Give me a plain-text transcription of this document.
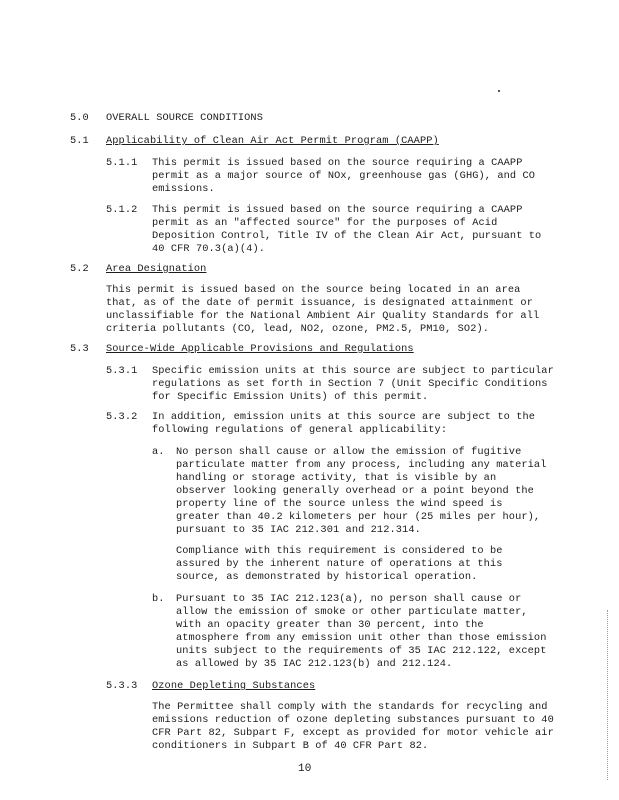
5.0 OVERALL SOURCE CONDITIONS
5.1 Applicability of Clean Air Act Permit Program (CAAPP)
5.1.1 This permit is issued based on the source requiring a CAAPP
permit as a major source of NOx, greenhouse gas (GHG), and CO
emissions.
5.1.2 This permit is issued based on the source requiring a CAAPP
permit as an "affected source" for the purposes of Acid
Deposition Control, Title IV of the Clean Air Act, pursuant to
40 CFR 70.3(a)(4).
5.2 Area Designation
This permit is issued based on the source being located in an area
that, as of the date of permit issuance, is designated attainment or
unclassifiable for the National Ambient Air Quality Standards for all
criteria pollutants (CO, lead, NO2, ozone, PM2.5, PM10, SO2).
5.3 Source-Wide Applicable Provisions and Regulations
5.3.1 Specific emission units at this source are subject to particular
regulations as set forth in Section 7 (Unit Specific Conditions
for Specific Emission Units) of this permit.
5.3.2 In addition, emission units at this source are subject to the
following regulations of general applicability:
a. No person shall cause or allow the emission of fugitive
particulate matter from any process, including any material
handling or storage activity, that is visible by an
observer looking generally overhead or a point beyond the
property line of the source unless the wind speed is
greater than 40.2 kilometers per hour (25 miles per hour),
pursuant to 35 IAC 212.301 and 212.314.
Compliance with this requirement is considered to be
assured by the inherent nature of operations at this
source, as demonstrated by historical operation.
b. Pursuant to 35 IAC 212.123(a), no person shall cause or
allow the emission of smoke or other particulate matter,
with an opacity greater than 30 percent, into the
atmosphere from any emission unit other than those emission
units subject to the requirements of 35 IAC 212.122, except
as allowed by 35 IAC 212.123(b) and 212.124.
5.3.3 Ozone Depleting Substances
The Permittee shall comply with the standards for recycling and
emissions reduction of ozone depleting substances pursuant to 40
CFR Part 82, Subpart F, except as provided for motor vehicle air
conditioners in Subpart B of 40 CFR Part 82.
10
